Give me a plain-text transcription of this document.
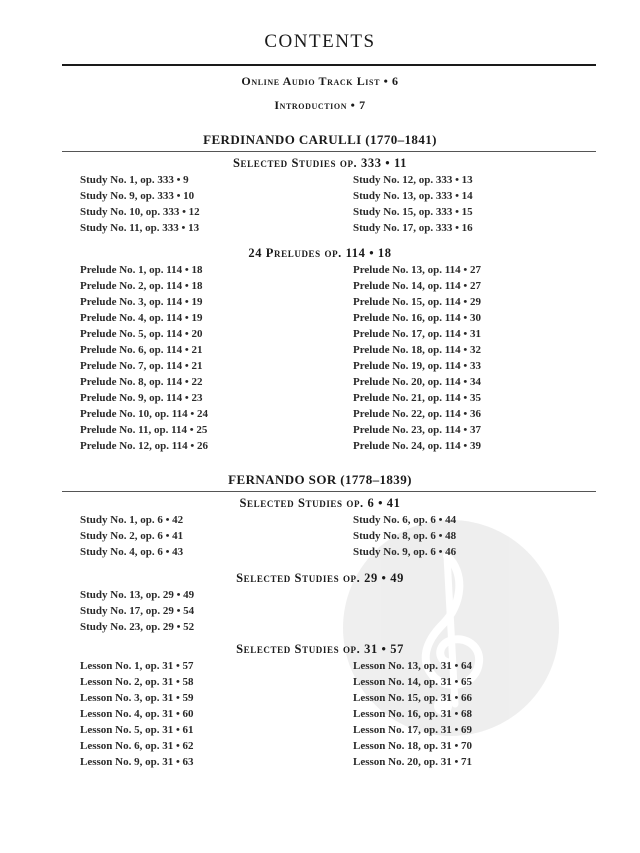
CONTENTS
Online Audio Track List • 6
Introduction • 7
FERDINANDO CARULLI (1770–1841)
Selected Studies op. 333 • 11
Study No. 1, op. 333 • 9
Study No. 9, op. 333 • 10
Study No. 10, op. 333 • 12
Study No. 11, op. 333 • 13
Study No. 12, op. 333 • 13
Study No. 13, op. 333 • 14
Study No. 15, op. 333 • 15
Study No. 17, op. 333 • 16
24 Preludes op. 114 • 18
Prelude No. 1, op. 114 • 18
Prelude No. 2, op. 114 • 18
Prelude No. 3, op. 114 • 19
Prelude No. 4, op. 114 • 19
Prelude No. 5, op. 114 • 20
Prelude No. 6, op. 114 • 21
Prelude No. 7, op. 114 • 21
Prelude No. 8, op. 114 • 22
Prelude No. 9, op. 114 • 23
Prelude No. 10, op. 114 • 24
Prelude No. 11, op. 114 • 25
Prelude No. 12, op. 114 • 26
Prelude No. 13, op. 114 • 27
Prelude No. 14, op. 114 • 27
Prelude No. 15, op. 114 • 29
Prelude No. 16, op. 114 • 30
Prelude No. 17, op. 114 • 31
Prelude No. 18, op. 114 • 32
Prelude No. 19, op. 114 • 33
Prelude No. 20, op. 114 • 34
Prelude No. 21, op. 114 • 35
Prelude No. 22, op. 114 • 36
Prelude No. 23, op. 114 • 37
Prelude No. 24, op. 114 • 39
FERNANDO SOR (1778–1839)
Selected Studies op. 6 • 41
Study No. 1, op. 6 • 42
Study No. 2, op. 6 • 41
Study No. 4, op. 6 • 43
Study No. 6, op. 6 • 44
Study No. 8, op. 6 • 48
Study No. 9, op. 6 • 46
Selected Studies op. 29 • 49
Study No. 13, op. 29 • 49
Study No. 17, op. 29 • 54
Study No. 23, op. 29 • 52
Selected Studies op. 31 • 57
Lesson No. 1, op. 31 • 57
Lesson No. 2, op. 31 • 58
Lesson No. 3, op. 31 • 59
Lesson No. 4, op. 31 • 60
Lesson No. 5, op. 31 • 61
Lesson No. 6, op. 31 • 62
Lesson No. 9, op. 31 • 63
Lesson No. 13, op. 31 • 64
Lesson No. 14, op. 31 • 65
Lesson No. 15, op. 31 • 66
Lesson No. 16, op. 31 • 68
Lesson No. 17, op. 31 • 69
Lesson No. 18, op. 31 • 70
Lesson No. 20, op. 31 • 71
